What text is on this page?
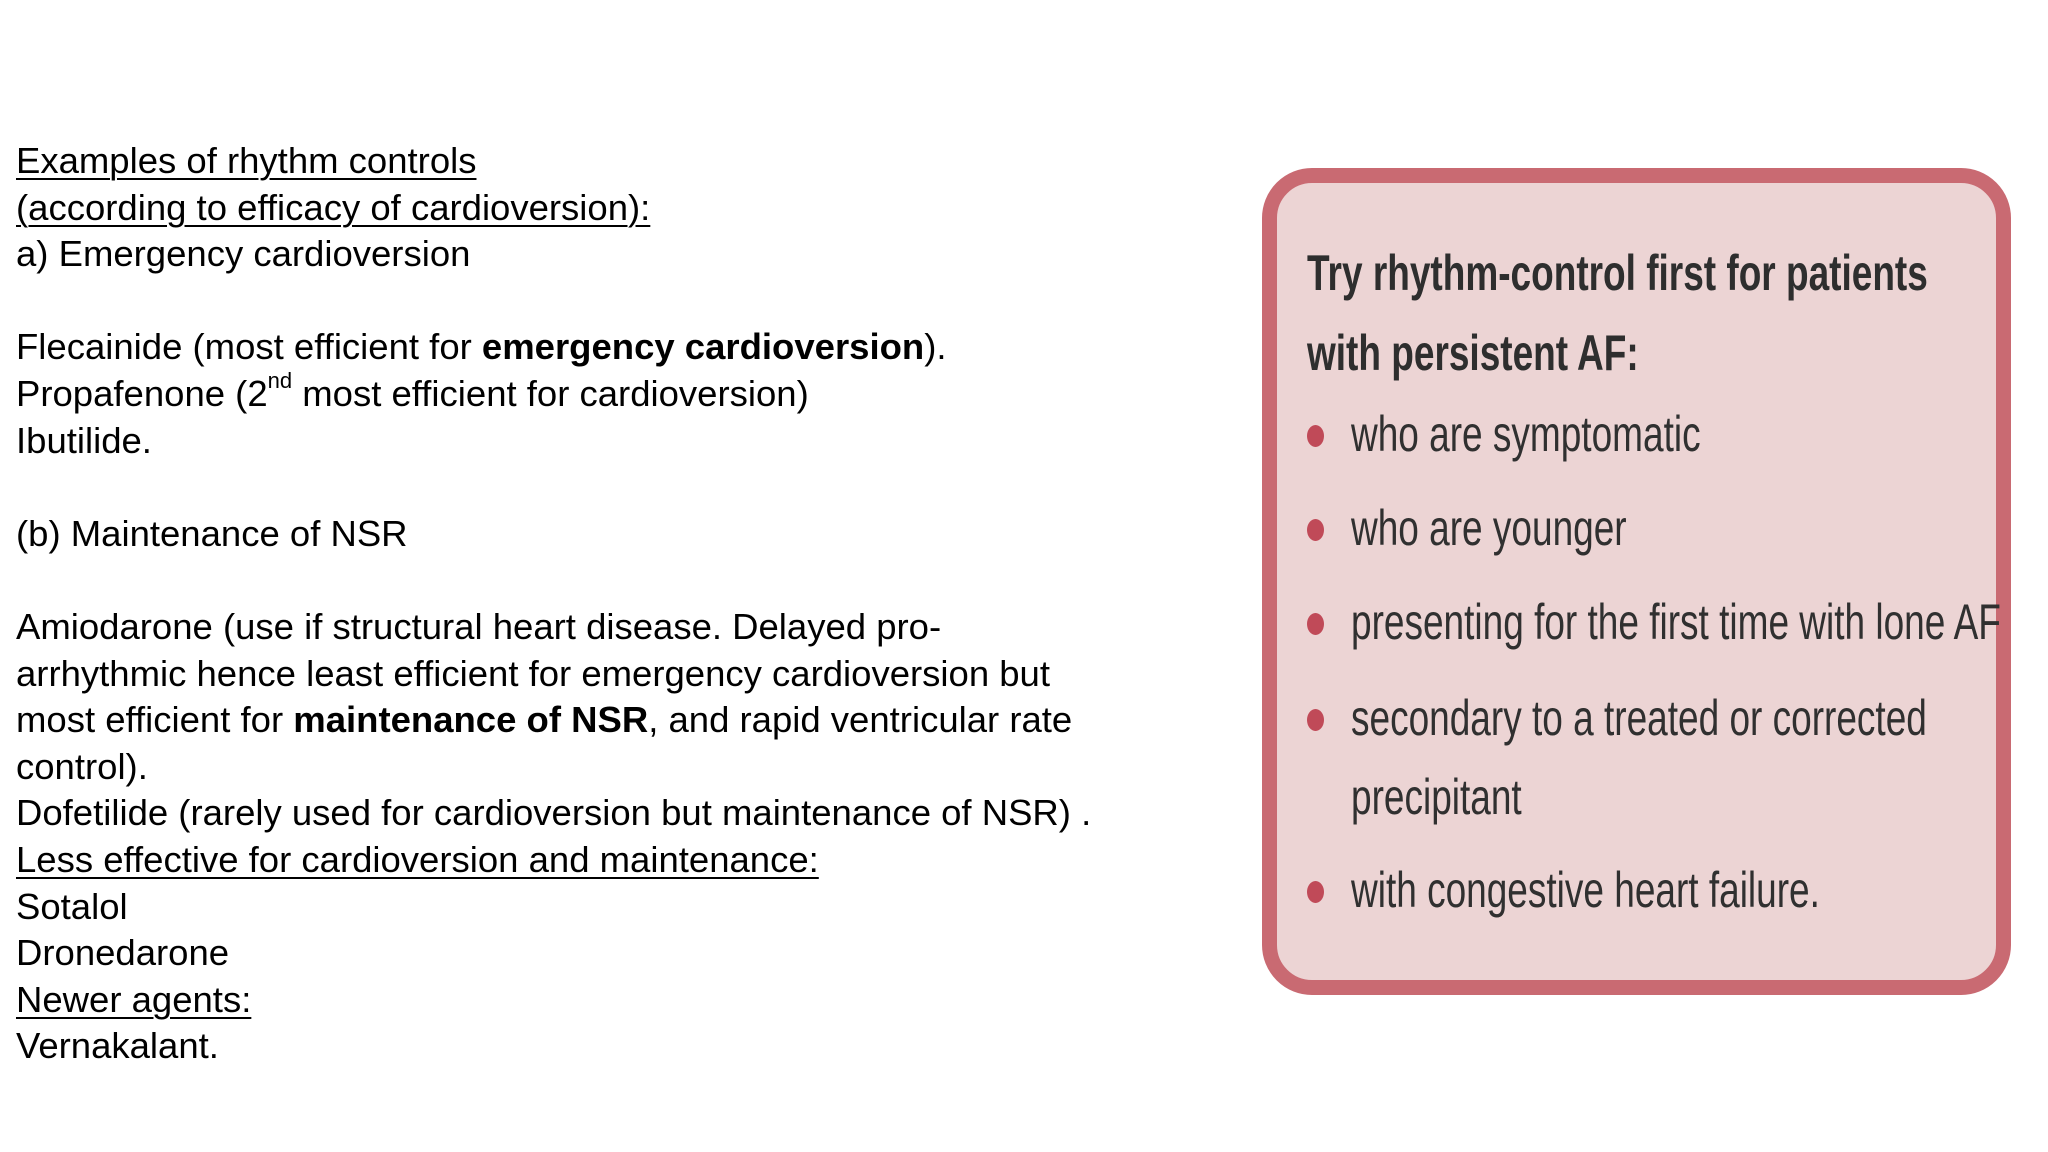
Examples of rhythm controls
(according to efficacy of cardioversion):
a) Emergency cardioversion
Flecainide (most efficient for emergency cardioversion).
Propafenone (2nd most efficient for cardioversion)
Ibutilide.
(b) Maintenance of NSR
Amiodarone (use if structural heart disease. Delayed pro-
arrhythmic hence least efficient for emergency cardioversion but
most efficient for maintenance of NSR, and rapid ventricular rate
control).
Dofetilide (rarely used for cardioversion but maintenance of NSR) .
Less effective for cardioversion and maintenance:
Sotalol
Dronedarone
Newer agents:
Vernakalant.
Try rhythm-control first for patients
with persistent AF:
who are symptomatic
who are younger
presenting for the first time with lone AF
secondary to a treated or corrected
precipitant
with congestive heart failure.
